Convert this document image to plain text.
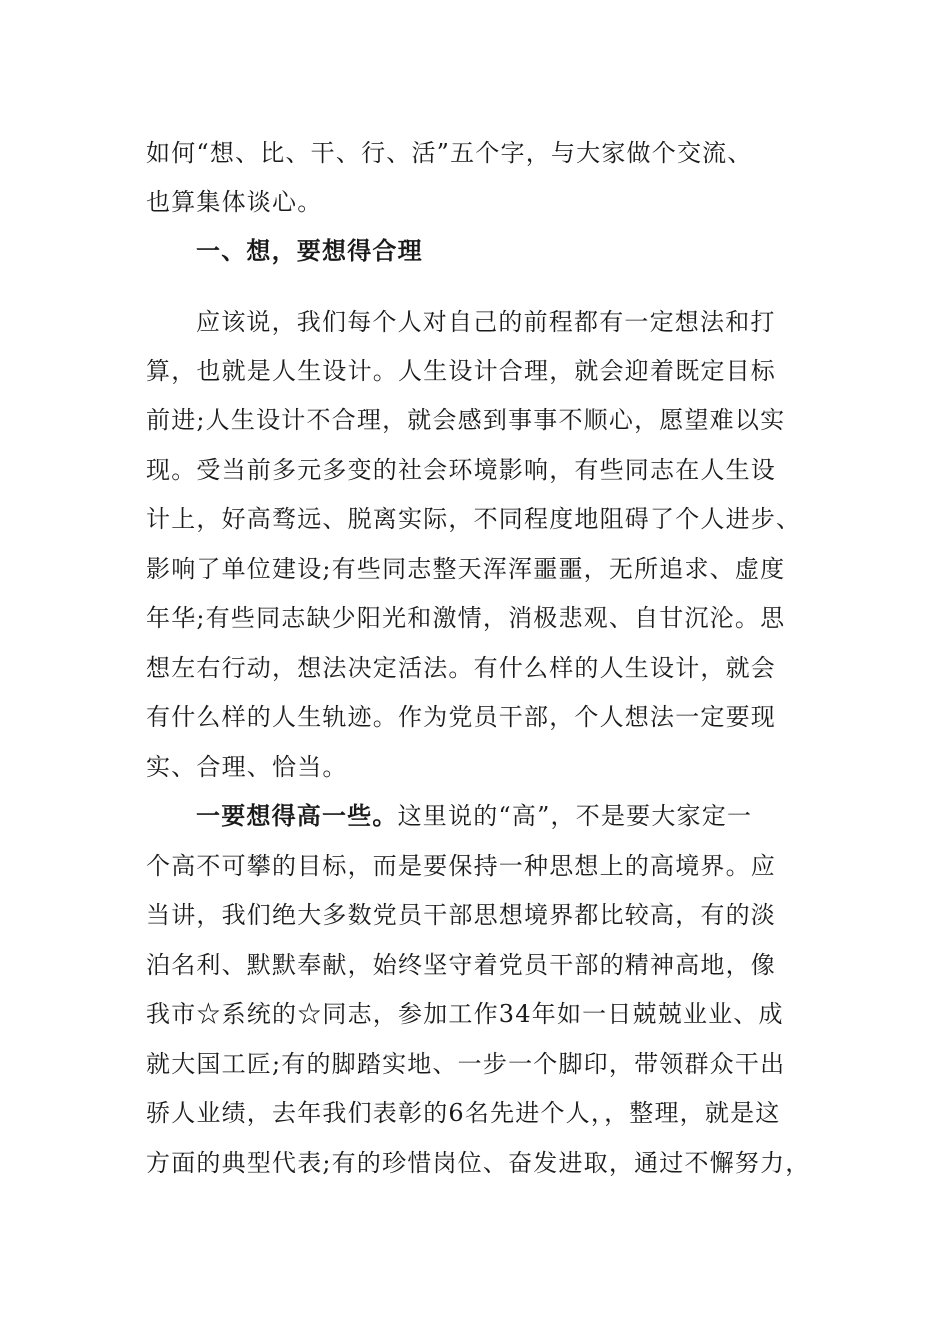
如何“想、比、干、行、活”五个字，与大家做个交流、
也算集体谈心。
一、想，要想得合理
应该说，我们每个人对自己的前程都有一定想法和打
算，也就是人生设计。人生设计合理，就会迎着既定目标
前进;人生设计不合理，就会感到事事不顺心，愿望难以实
现。受当前多元多变的社会环境影响，有些同志在人生设
计上，好高骛远、脱离实际，不同程度地阻碍了个人进步、
影响了单位建设;有些同志整天浑浑噩噩，无所追求、虚度
年华;有些同志缺少阳光和激情，消极悲观、自甘沉沦。思
想左右行动，想法决定活法。有什么样的人生设计，就会
有什么样的人生轨迹。作为党员干部，个人想法一定要现
实、合理、恰当。
一要想得高一些。这里说的“高”，不是要大家定一
个高不可攀的目标，而是要保持一种思想上的高境界。应
当讲，我们绝大多数党员干部思想境界都比较高，有的淡
泊名利、默默奉献，始终坚守着党员干部的精神高地，像
我市☆系统的☆同志，参加工作34年如一日兢兢业业、成
就大国工匠;有的脚踏实地、一步一个脚印，带领群众干出
骄人业绩，去年我们表彰的6名先进个人，，整理，就是这
方面的典型代表;有的珍惜岗位、奋发进取，通过不懈努力，
